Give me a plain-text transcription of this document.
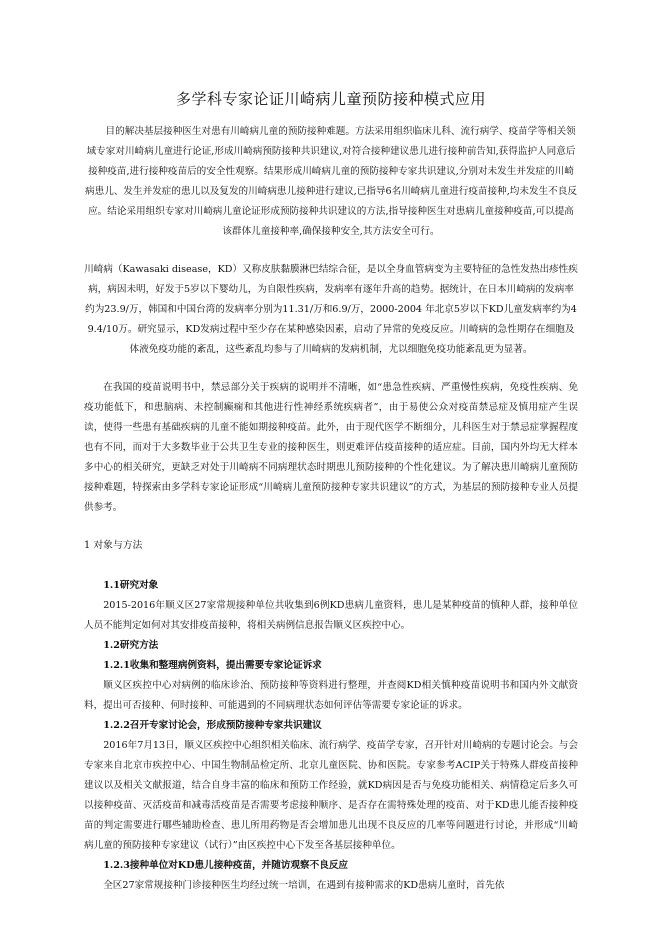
多学科专家论证川崎病儿童预防接种模式应用

目的解决基层接种医生对患有川崎病儿童的预防接种难题。方法采用组织临床儿科、流行病学、疫苗学等相关领域专家对川崎病儿童进行论证,形成川崎病预防接种共识建议,对符合接种建议患儿进行接种前告知,获得监护人同意后接种疫苗,进行接种疫苗后的安全性观察。结果形成川崎病儿童的预防接种专家共识建议,分别对未发生并发症的川崎病患儿、发生并发症的患儿以及复发的川崎病患儿接种进行建议,已指导6名川崎病儿童进行疫苗接种,均未发生不良反应。结论采用组织专家对川崎病儿童论证形成预防接种共识建议的方法,指导接种医生对患病儿童接种疫苗,可以提高该群体儿童接种率,确保接种安全,其方法安全可行。

川崎病（Kawasaki disease，KD）又称皮肤黏膜淋巴结综合征，是以全身血管病变为主要特征的急性发热出疹性疾病，病因未明，好发于5岁以下婴幼儿，为自限性疾病，发病率有逐年升高的趋势。据统计，在日本川崎病的发病率约为23.9/万，韩国和中国台湾的发病率分别为11.31/万和6.9/万，2000-2004 年北京5岁以下KD儿童发病率约为49.4/10万。研究显示，KD发病过程中至少存在某种感染因素，启动了异常的免疫反应。川崎病的急性期存在细胞及体液免疫功能的紊乱，这些紊乱均参与了川崎病的发病机制，尤以细胞免疫功能紊乱更为显著。

在我国的疫苗说明书中，禁忌部分关于疾病的说明并不清晰，如“患急性疾病、严重慢性疾病，免疫性疾病、免疫功能低下，和患脑病、未控制癫痫和其他进行性神经系统疾病者”，由于易使公众对疫苗禁忌症及慎用症产生误读，使得一些患有基础疾病的儿童不能如期接种疫苗。此外，由于现代医学不断细分，儿科医生对于禁忌症掌握程度也有不同，而对于大多数毕业于公共卫生专业的接种医生，则更难评估疫苗接种的适应症。目前，国内外均无大样本多中心的相关研究，更缺乏对处于川崎病不同病理状态时期患儿预防接种的个性化建议。为了解决患川崎病儿童预防接种难题，特探索由多学科专家论证形成“川崎病儿童预防接种专家共识建议”的方式，为基层的预防接种专业人员提供参考。

1 对象与方法

1.1研究对象

2015-2016年顺义区27家常规接种单位共收集到6例KD患病儿童资料，患儿是某种疫苗的慎种人群，接种单位人员不能判定如何对其安排疫苗接种，将相关病例信息报告顺义区疾控中心。

1.2研究方法

1.2.1收集和整理病例资料，提出需要专家论证诉求

顺义区疾控中心对病例的临床诊治、预防接种等资料进行整理，并查阅KD相关慎种疫苗说明书和国内外文献资料，提出可否接种、何时接种、可能遇到的不同病理状态如何评估等需要专家论证的诉求。

1.2.2召开专家讨论会，形成预防接种专家共识建议

2016年7月13日，顺义区疾控中心组织相关临床、流行病学、疫苗学专家，召开针对川崎病的专题讨论会。与会专家来自北京市疾控中心、中国生物制品检定所、北京儿童医院、协和医院。专家参考ACIP关于特殊人群疫苗接种建议以及相关文献报道，结合自身丰富的临床和预防工作经验，就KD病因是否与免疫功能相关、病情稳定后多久可以接种疫苗、灭活疫苗和减毒活疫苗是否需要考虑接种顺序、是否存在需特殊处理的疫苗、对于KD患儿能否接种疫苗的判定需要进行哪些辅助检查、患儿所用药物是否会增加患儿出现不良反应的几率等问题进行讨论，并形成“川崎病儿童的预防接种专家建议（试行）”由区疾控中心下发至各基层接种单位。

1.2.3接种单位对KD患儿接种疫苗，并随访观察不良反应

全区27家常规接种门诊接种医生均经过统一培训，在遇到有接种需求的KD患病儿童时，首先依
